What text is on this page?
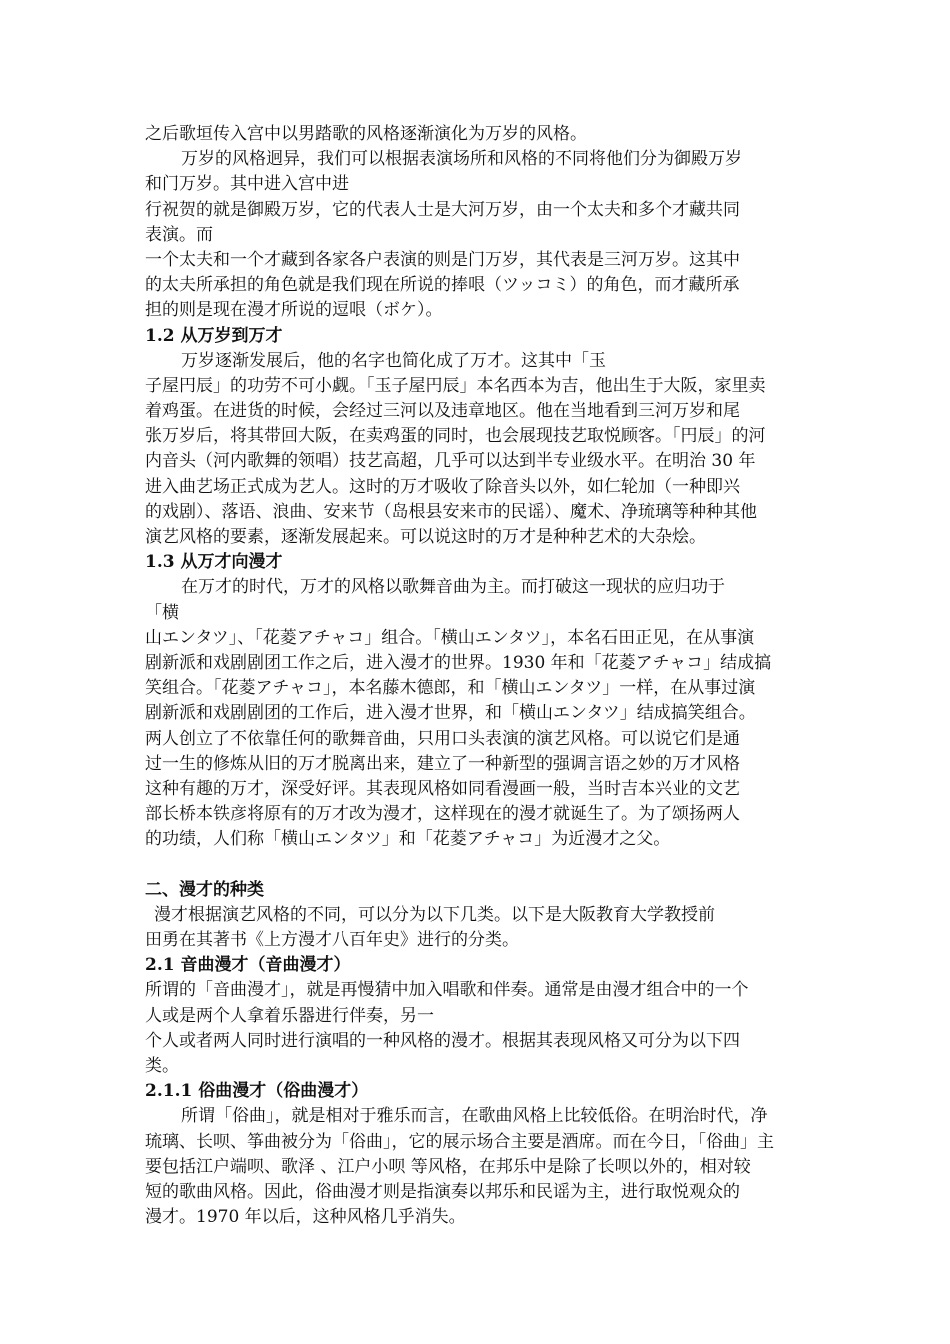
之后歌垣传入宫中以男踏歌的风格逐渐演化为万岁的风格。
万岁的风格迥异，我们可以根据表演场所和风格的不同将他们分为御殿万岁
和门万岁。其中进入宫中进
行祝贺的就是御殿万岁，它的代表人士是大河万岁，由一个太夫和多个才藏共同
表演。而
一个太夫和一个才藏到各家各户表演的则是门万岁，其代表是三河万岁。这其中
的太夫所承担的角色就是我们现在所说的捧哏（ツッコミ）的角色，而才藏所承
担的则是现在漫才所说的逗哏（ボケ）。
1.2 从万岁到万才
万岁逐渐发展后，他的名字也简化成了万才。这其中「玉
子屋円辰」的功劳不可小觑。「玉子屋円辰」本名西本为吉，他出生于大阪，家里卖
着鸡蛋。在进货的时候，会经过三河以及违章地区。他在当地看到三河万岁和尾
张万岁后，将其带回大阪，在卖鸡蛋的同时，也会展现技艺取悦顾客。「円辰」的河
内音头（河内歌舞的领唱）技艺高超，几乎可以达到半专业级水平。在明治 30 年
进入曲艺场正式成为艺人。这时的万才吸收了除音头以外，如仁轮加（一种即兴
的戏剧）、落语、浪曲、安来节（岛根县安来市的民谣）、魔术、净琉璃等种种其他
演艺风格的要素，逐渐发展起来。可以说这时的万才是种种艺术的大杂烩。
1.3 从万才向漫才
在万才的时代，万才的风格以歌舞音曲为主。而打破这一现状的应归功于
「横
山エンタツ」、「花菱アチャコ」组合。「横山エンタツ」，本名石田正见，在从事演
剧新派和戏剧剧团工作之后，进入漫才的世界。1930 年和「花菱アチャコ」结成搞
笑组合。「花菱アチャコ」，本名藤木德郎，和「横山エンタツ」一样，在从事过演
剧新派和戏剧剧团的工作后，进入漫才世界，和「横山エンタツ」结成搞笑组合。
两人创立了不依靠任何的歌舞音曲，只用口头表演的演艺风格。可以说它们是通
过一生的修炼从旧的万才脱离出来，建立了一种新型的强调言语之妙的万才风格
这种有趣的万才，深受好评。其表现风格如同看漫画一般，当时吉本兴业的文艺
部长桥本铁彦将原有的万才改为漫才，这样现在的漫才就诞生了。为了颂扬两人
的功绩，人们称「横山エンタツ」和「花菱アチャコ」为近漫才之父。
二、漫才的种类
漫才根据演艺风格的不同，可以分为以下几类。以下是大阪教育大学教授前
田勇在其著书《上方漫才八百年史》进行的分类。
2.1 音曲漫才（音曲漫才）
所谓的「音曲漫才」，就是再慢猜中加入唱歌和伴奏。通常是由漫才组合中的一个
人或是两个人拿着乐器进行伴奏，另一
个人或者两人同时进行演唱的一种风格的漫才。根据其表现风格又可分为以下四
类。
2.1.1 俗曲漫才（俗曲漫才）
所谓「俗曲」，就是相对于雅乐而言，在歌曲风格上比较低俗。在明治时代，净
琉璃、长呗、筝曲被分为「俗曲」，它的展示场合主要是酒席。而在今日，「俗曲」主
要包括江户端呗、歌泽 、江户小呗 等风格，在邦乐中是除了长呗以外的，相对较
短的歌曲风格。因此，俗曲漫才则是指演奏以邦乐和民谣为主，进行取悦观众的
漫才。1970 年以后，这种风格几乎消失。
